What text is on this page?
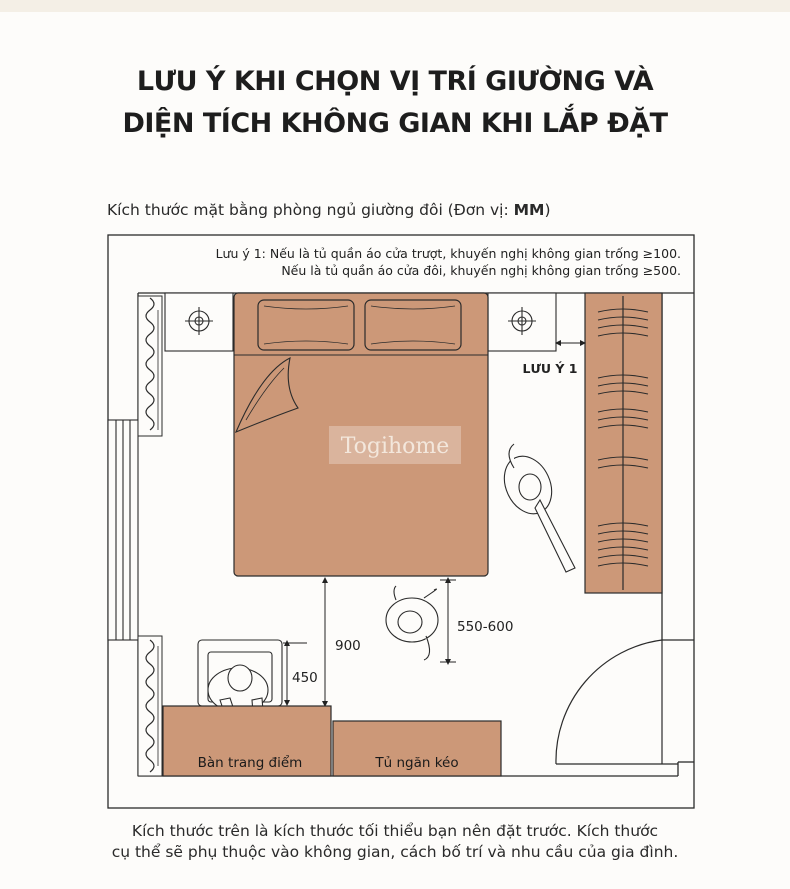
LƯU Ý KHI CHỌN VỊ TRÍ GIƯỜNG VÀ
DIỆN TÍCH KHÔNG GIAN KHI LẮP ĐẶT
Kích thước mặt bằng phòng ngủ giường đôi (Đơn vị: MM)
Lưu ý 1: Nếu là tủ quần áo cửa trượt, khuyến nghị không gian trống ≥100.
Nếu là tủ quần áo cửa đôi, khuyến nghị không gian trống ≥500.
Togihome
LƯU Ý 1
900
550-600
450
Bàn trang điểm	Tủ ngăn kéo
Kích thước trên là kích thước tối thiểu bạn nên đặt trước. Kích thước
cụ thể sẽ phụ thuộc vào không gian, cách bố trí và nhu cầu của gia đình.
